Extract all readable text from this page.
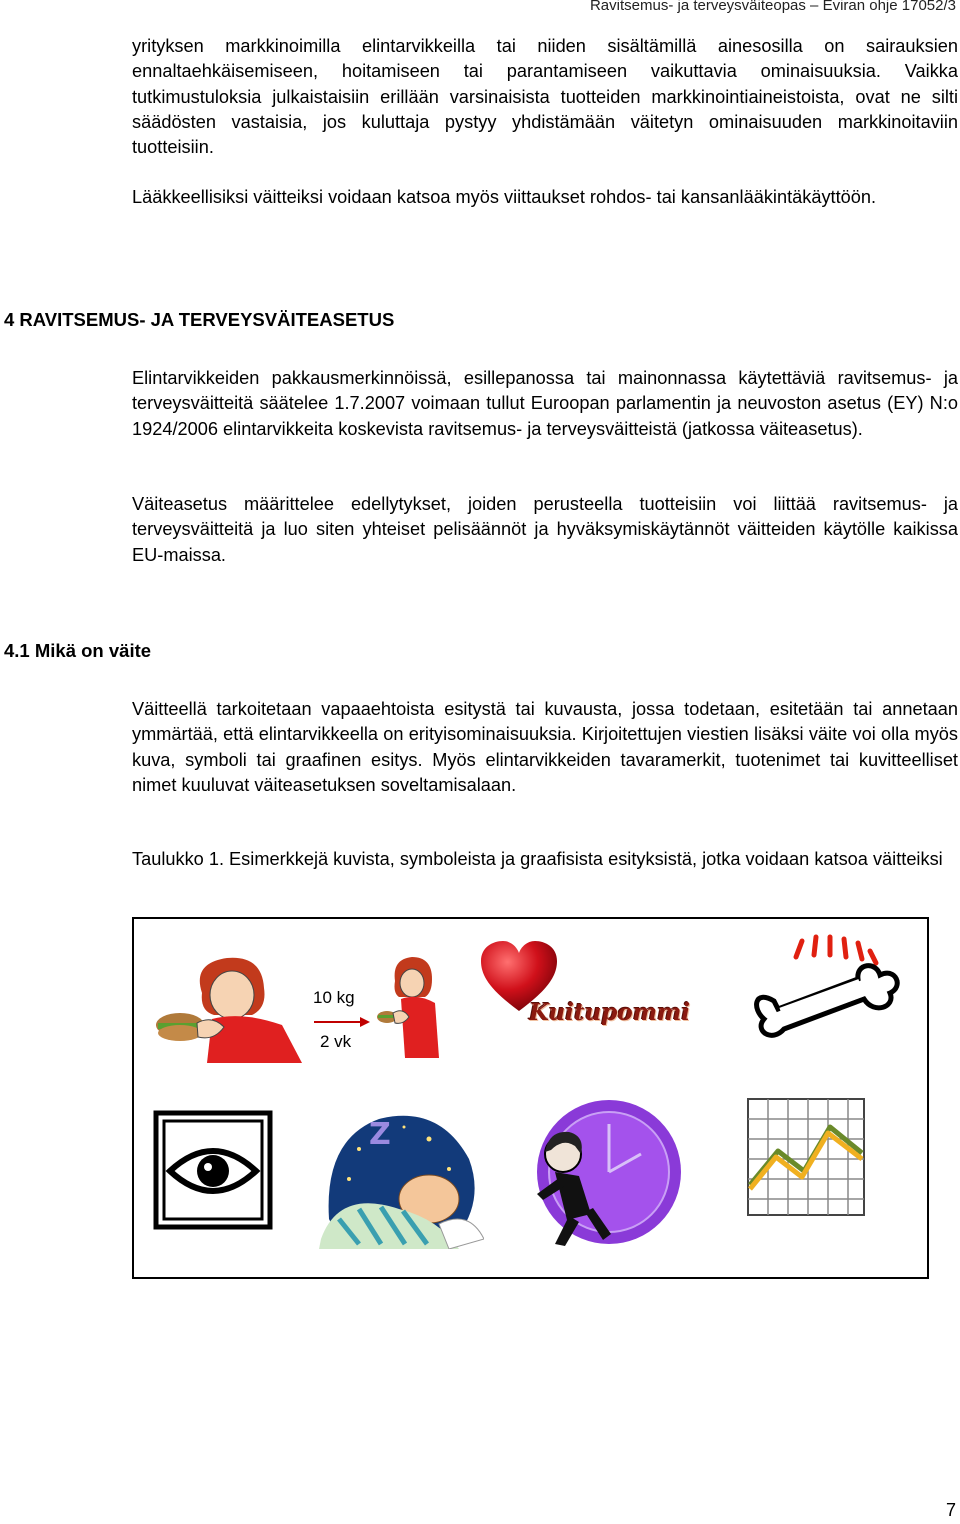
Ravitsemus- ja terveysväiteopas – Eviran ohje 17052/3

yrityksen markkinoimilla elintarvikkeilla tai niiden sisältämillä ainesosilla on sairauksien ennaltaehkäisemiseen, hoitamiseen tai parantamiseen vaikuttavia ominaisuuksia. Vaikka tutkimustuloksia julkaistaisiin erillään varsinaisista tuotteiden markkinointiaineistoista, ovat ne silti säädösten vastaisia, jos kuluttaja pystyy yhdistämään väitetyn ominaisuuden markkinoitaviin tuotteisiin.

Lääkkeellisiksi väitteiksi voidaan katsoa myös viittaukset rohdos- tai kansanlääkintäkäyttöön.

4 RAVITSEMUS- JA TERVEYSVÄITEASETUS

Elintarvikkeiden pakkausmerkinnöissä, esillepanossa tai mainonnassa käytettäviä ravitsemus- ja terveysväitteitä säätelee 1.7.2007 voimaan tullut Euroopan parlamentin ja neuvoston asetus (EY) N:o 1924/2006 elintarvikkeita koskevista ravitsemus- ja terveysväitteistä (jatkossa väiteasetus).

Väiteasetus määrittelee edellytykset, joiden perusteella tuotteisiin voi liittää ravitsemus- ja terveysväitteitä ja luo siten yhteiset pelisäännöt ja hyväksymiskäytännöt väitteiden käytölle kaikissa EU-maissa.

4.1 Mikä on väite

Väitteellä tarkoitetaan vapaaehtoista esitystä tai kuvausta, jossa todetaan, esitetään tai annetaan ymmärtää, että elintarvikkeella on erityisominaisuuksia. Kirjoitettujen viestien lisäksi väite voi olla myös kuva, symboli tai graafinen esitys. Myös elintarvikkeiden tavaramerkit, tuotenimet tai kuvitteelliset nimet kuuluvat väiteasetuksen soveltamisalaan.

Taulukko 1. Esimerkkejä kuvista, symboleista ja graafisista esityksistä, jotka voidaan katsoa väitteiksi

10 kg
2 vk
Kuitupommi
Z
7
